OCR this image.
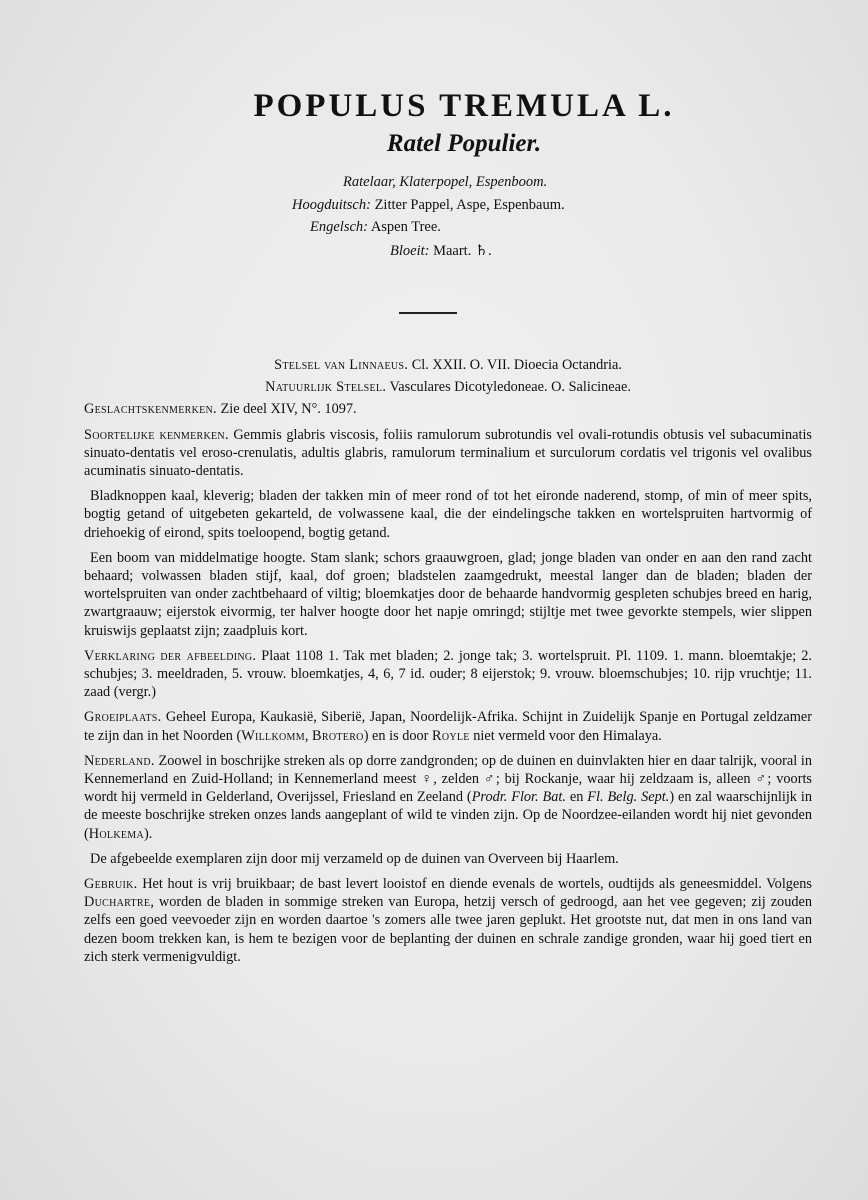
POPULUS TREMULA L.
Ratel Populier.
Ratelaar, Klaterpopel, Espenboom.
Hoogduitsch: Zitter Pappel, Aspe, Espenbaum.
Engelsch: Aspen Tree.
Bloeit: Maart. ♄.

Stelsel van Linnaeus. Cl. XXII. O. VII. Dioecia Octandria.

Natuurlijk Stelsel. Vasculares Dicotyledoneae. O. Salicineae.

Geslachtskenmerken. Zie deel XIV, N°. 1097.

Soortelijke kenmerken. Gemmis glabris viscosis, foliis ramulorum subrotundis vel ovali-rotundis obtusis vel subacuminatis sinuato-dentatis vel eroso-crenulatis, adultis glabris, ramulorum terminalium et surculorum cordatis vel trigonis vel ovalibus acuminatis sinuato-dentatis.

Bladknoppen kaal, kleverig; bladen der takken min of meer rond of tot het eironde naderend, stomp, of min of meer spits, bogtig getand of uitgebeten gekarteld, de volwassene kaal, die der eindelingsche takken en wortelspruiten hartvormig of driehoekig of eirond, spits toeloopend, bogtig getand.

Een boom van middelmatige hoogte. Stam slank; schors graauwgroen, glad; jonge bladen van onder en aan den rand zacht behaard; volwassen bladen stijf, kaal, dof groen; bladstelen zaamgedrukt, meestal langer dan de bladen; bladen der wortelspruiten van onder zachtbehaard of viltig; bloemkatjes door de behaarde handvormig gespleten schubjes breed en harig, zwartgraauw; eijerstok eivormig, ter halver hoogte door het napje omringd; stijltje met twee gevorkte stempels, wier slippen kruiswijs geplaatst zijn; zaadpluis kort.

Verklaring der afbeelding. Plaat 1108 1. Tak met bladen; 2. jonge tak; 3. wortelspruit. Pl. 1109. 1. mann. bloemtakje; 2. schubjes; 3. meeldraden, 5. vrouw. bloemkatjes, 4, 6, 7 id. ouder; 8 eijerstok; 9. vrouw. bloemschubjes; 10. rijp vruchtje; 11. zaad (vergr.)

Groeiplaats. Geheel Europa, Kaukasië, Siberië, Japan, Noordelijk-Afrika. Schijnt in Zuidelijk Spanje en Portugal zeldzamer te zijn dan in het Noorden (Willkomm, Brotero) en is door Royle niet vermeld voor den Himalaya.

Nederland. Zoowel in boschrijke streken als op dorre zandgronden; op de duinen en duinvlakten hier en daar talrijk, vooral in Kennemerland en Zuid-Holland; in Kennemerland meest ♀, zelden ♂; bij Rockanje, waar hij zeldzaam is, alleen ♂; voorts wordt hij vermeld in Gelderland, Overijssel, Friesland en Zeeland (Prodr. Flor. Bat. en Fl. Belg. Sept.) en zal waarschijnlijk in de meeste boschrijke streken onzes lands aangeplant of wild te vinden zijn. Op de Noordzee-eilanden wordt hij niet gevonden (Holkema).

De afgebeelde exemplaren zijn door mij verzameld op de duinen van Overveen bij Haarlem.

Gebruik. Het hout is vrij bruikbaar; de bast levert looistof en diende evenals de wortels, oudtijds als geneesmiddel. Volgens Duchartre, worden de bladen in sommige streken van Europa, hetzij versch of gedroogd, aan het vee gegeven; zij zouden zelfs een goed veevoeder zijn en worden daartoe 's zomers alle twee jaren geplukt. Het grootste nut, dat men in ons land van dezen boom trekken kan, is hem te bezigen voor de beplanting der duinen en schrale zandige gronden, waar hij goed tiert en zich sterk vermenigvuldigt.
